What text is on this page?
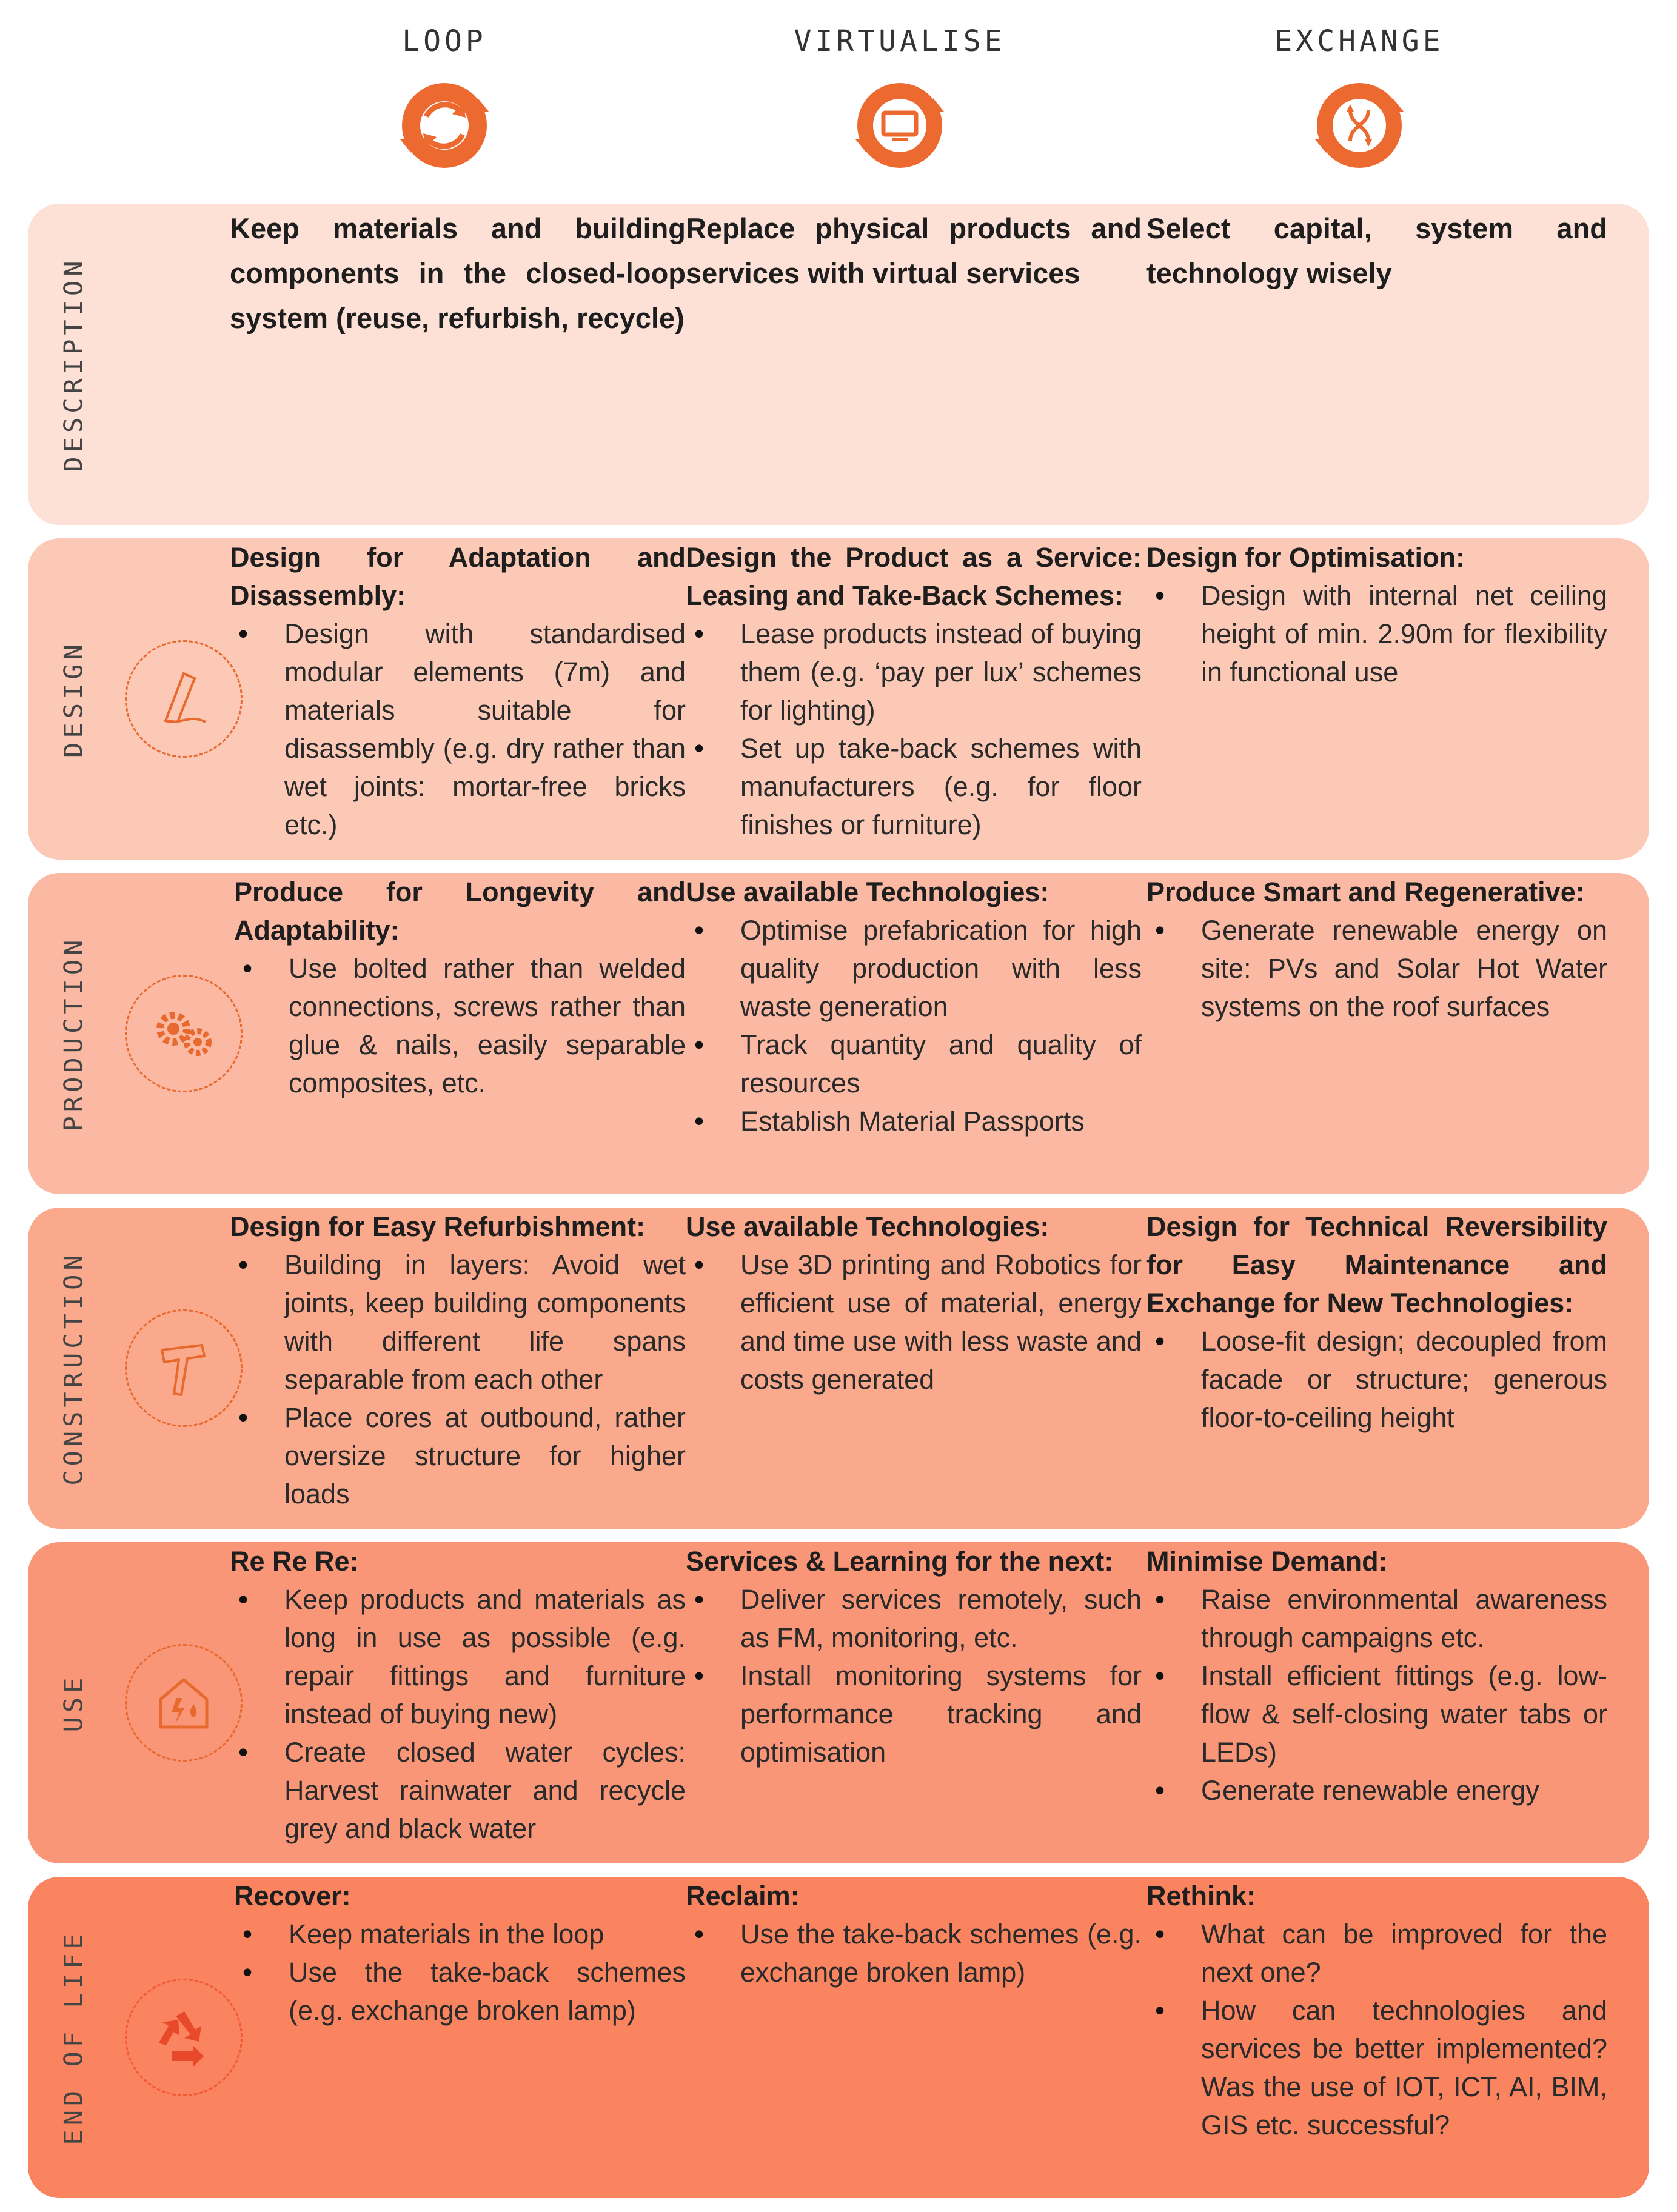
LOOP	VIRTUALISE	EXCHANGE
DESCRIPTION
Keep materials and building components in the closed-loop system (reuse, refurbish, recycle)
Replace physical products and services with virtual services
Select capital, system and technology wisely
DESIGN
Design for Adaptation and Disassembly:
• Design with standardised modular elements (7m) and materials suitable for disassembly (e.g. dry rather than wet joints: mortar-free bricks etc.)
Design the Product as a Service: Leasing and Take-Back Schemes:
• Lease products instead of buying them (e.g. ‘pay per lux’ schemes for lighting)
• Set up take-back schemes with manufacturers (e.g. for floor finishes or furniture)
Design for Optimisation:
• Design with internal net ceiling height of min. 2.90m for flexibility in functional use
PRODUCTION
Produce for Longevity and Adaptability:
• Use bolted rather than welded connections, screws rather than glue & nails, easily separable composites, etc.
Use available Technologies:
• Optimise prefabrication for high quality production with less waste generation
• Track quantity and quality of resources
• Establish Material Passports
Produce Smart and Regenerative:
• Generate renewable energy on site: PVs and Solar Hot Water systems on the roof surfaces
CONSTRUCTION
Design for Easy Refurbishment:
• Building in layers: Avoid wet joints, keep building components with different life spans separable from each other
• Place cores at outbound, rather oversize structure for higher loads
Use available Technologies:
• Use 3D printing and Robotics for efficient use of material, energy and time use with less waste and costs generated
Design for Technical Reversibility for Easy Maintenance and Exchange for New Technologies:
• Loose-fit design; decoupled from facade or structure; generous floor-to-ceiling height
USE
Re Re Re:
• Keep products and materials as long in use as possible (e.g. repair fittings and furniture instead of buying new)
• Create closed water cycles: Harvest rainwater and recycle grey and black water
Services & Learning for the next:
• Deliver services remotely, such as FM, monitoring, etc.
• Install monitoring systems for performance tracking and optimisation
Minimise Demand:
• Raise environmental awareness through campaigns etc.
• Install efficient fittings (e.g. low-flow & self-closing water tabs or LEDs)
• Generate renewable energy
END OF LIFE
Recover:
• Keep materials in the loop
• Use the take-back schemes (e.g. exchange broken lamp)
Reclaim:
• Use the take-back schemes (e.g. exchange broken lamp)
Rethink:
• What can be improved for the next one?
• How can technologies and services be better implemented? Was the use of IOT, ICT, AI, BIM, GIS etc. successful?
